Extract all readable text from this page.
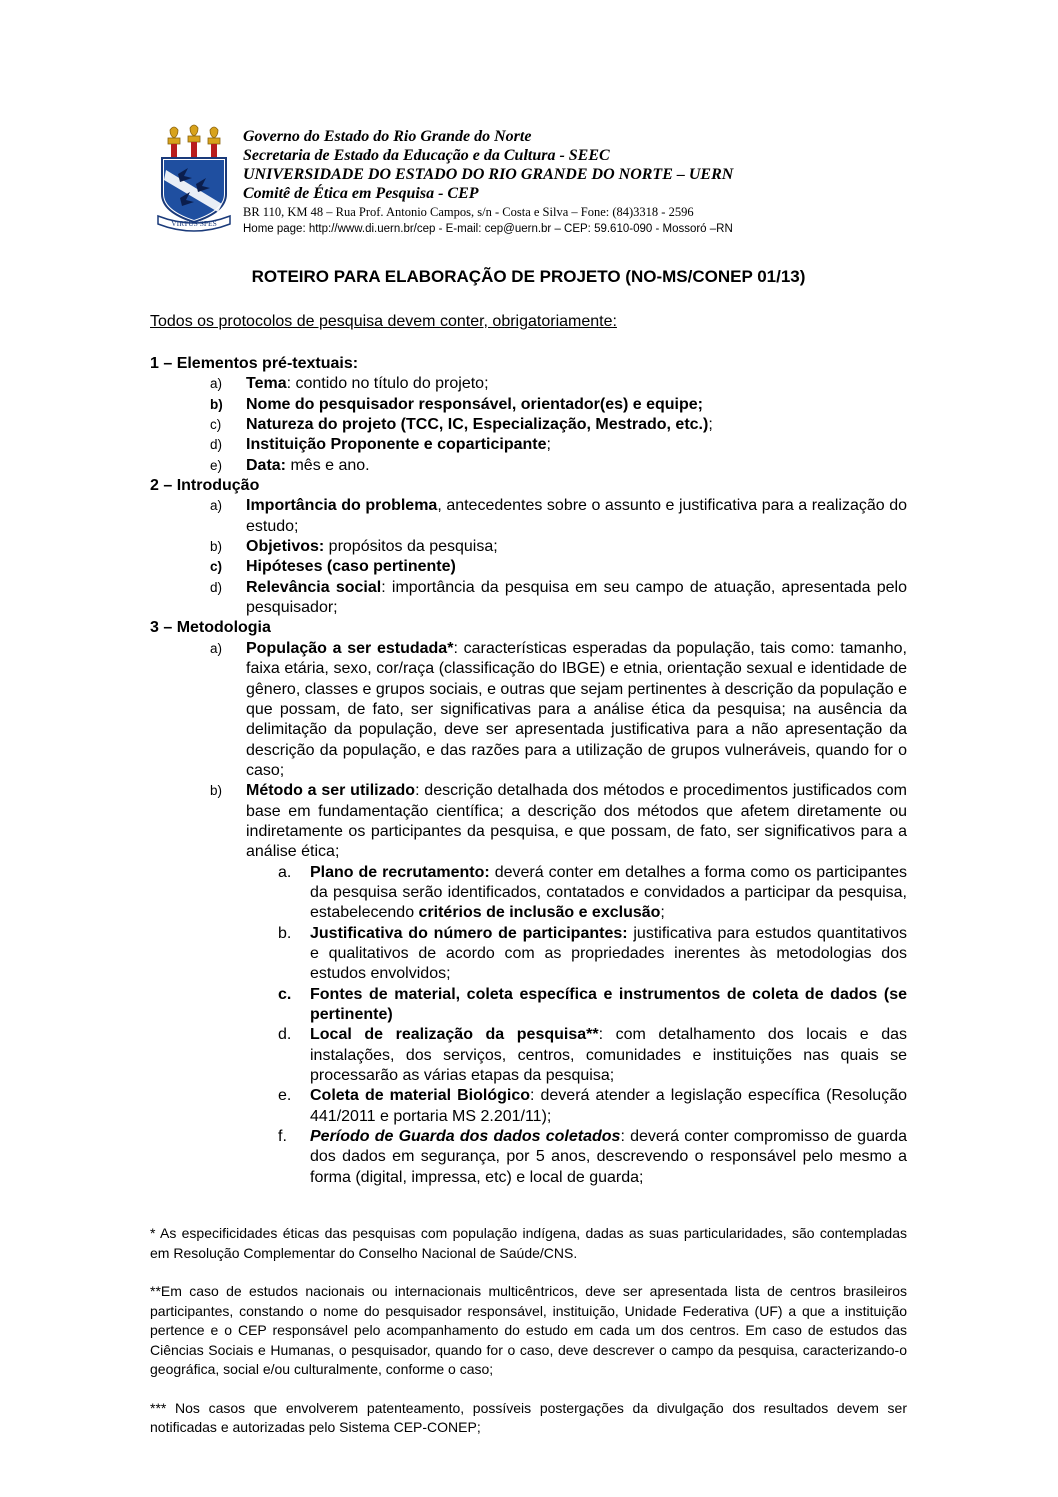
VIRTUS SPES
Governo do Estado do Rio Grande do Norte
Secretaria de Estado da Educação e da Cultura - SEEC
UNIVERSIDADE DO ESTADO DO RIO GRANDE DO NORTE – UERN
Comitê de Ética em Pesquisa - CEP
BR 110, KM 48 – Rua Prof. Antonio Campos, s/n - Costa e Silva – Fone: (84)3318 - 2596
Home page: http://www.di.uern.br/cep - E-mail: cep@uern.br – CEP: 59.610-090 - Mossoró –RN
ROTEIRO PARA ELABORAÇÃO DE PROJETO (NO-MS/CONEP 01/13)
Todos os protocolos de pesquisa devem conter, obrigatoriamente:
1 – Elementos pré-textuais:
a)	Tema: contido no título do projeto;
b)	Nome do pesquisador responsável, orientador(es) e equipe;
c)	Natureza do projeto (TCC, IC, Especialização, Mestrado, etc.);
d)	Instituição Proponente e coparticipante;
e)	Data: mês e ano.
2 – Introdução
a)	Importância do problema, antecedentes sobre o assunto e justificativa para a realização do estudo;
b)	Objetivos: propósitos da pesquisa;
c)	Hipóteses (caso pertinente)
d)	Relevância social: importância da pesquisa em seu campo de atuação, apresentada pelo pesquisador;
3 – Metodologia
a)	População a ser estudada*: características esperadas da população, tais como: tamanho, faixa etária, sexo, cor/raça (classificação do IBGE) e etnia, orientação sexual e identidade de gênero, classes e grupos sociais, e outras que sejam pertinentes à descrição da população e que possam, de fato, ser significativas para a análise ética da pesquisa; na ausência da delimitação da população, deve ser apresentada justificativa para a não apresentação da descrição da população, e das razões para a utilização de grupos vulneráveis, quando for o caso;
b)	Método a ser utilizado: descrição detalhada dos métodos e procedimentos justificados com base em fundamentação científica; a descrição dos métodos que afetem diretamente ou indiretamente os participantes da pesquisa, e que possam, de fato, ser significativos para a análise ética;
a.	Plano de recrutamento: deverá conter em detalhes a forma como os participantes da pesquisa serão identificados, contatados e convidados a participar da pesquisa, estabelecendo critérios de inclusão e exclusão;
b.	Justificativa do número de participantes: justificativa para estudos quantitativos e qualitativos de acordo com as propriedades inerentes às metodologias dos estudos envolvidos;
c.	Fontes de material, coleta específica e instrumentos de coleta de dados (se pertinente)
d.	Local de realização da pesquisa**: com detalhamento dos locais e das instalações, dos serviços, centros, comunidades e instituições nas quais se processarão as várias etapas da pesquisa;
e.	Coleta de material Biológico: deverá atender a legislação específica (Resolução 441/2011 e portaria MS 2.201/11);
f.	Período de Guarda dos dados coletados: deverá conter compromisso de guarda dos dados em segurança, por 5 anos, descrevendo o responsável pelo mesmo a forma (digital, impressa, etc) e local de guarda;
* As especificidades éticas das pesquisas com população indígena, dadas as suas particularidades, são contempladas em Resolução Complementar do Conselho Nacional de Saúde/CNS.
**Em caso de estudos nacionais ou internacionais multicêntricos, deve ser apresentada lista de centros brasileiros participantes, constando o nome do pesquisador responsável, instituição, Unidade Federativa (UF) a que a instituição pertence e o CEP responsável pelo acompanhamento do estudo em cada um dos centros. Em caso de estudos das Ciências Sociais e Humanas, o pesquisador, quando for o caso, deve descrever o campo da pesquisa, caracterizando-o geográfica, social e/ou culturalmente, conforme o caso;
*** Nos casos que envolverem patenteamento, possíveis postergações da divulgação dos resultados devem ser notificadas e autorizadas pelo Sistema CEP-CONEP;
